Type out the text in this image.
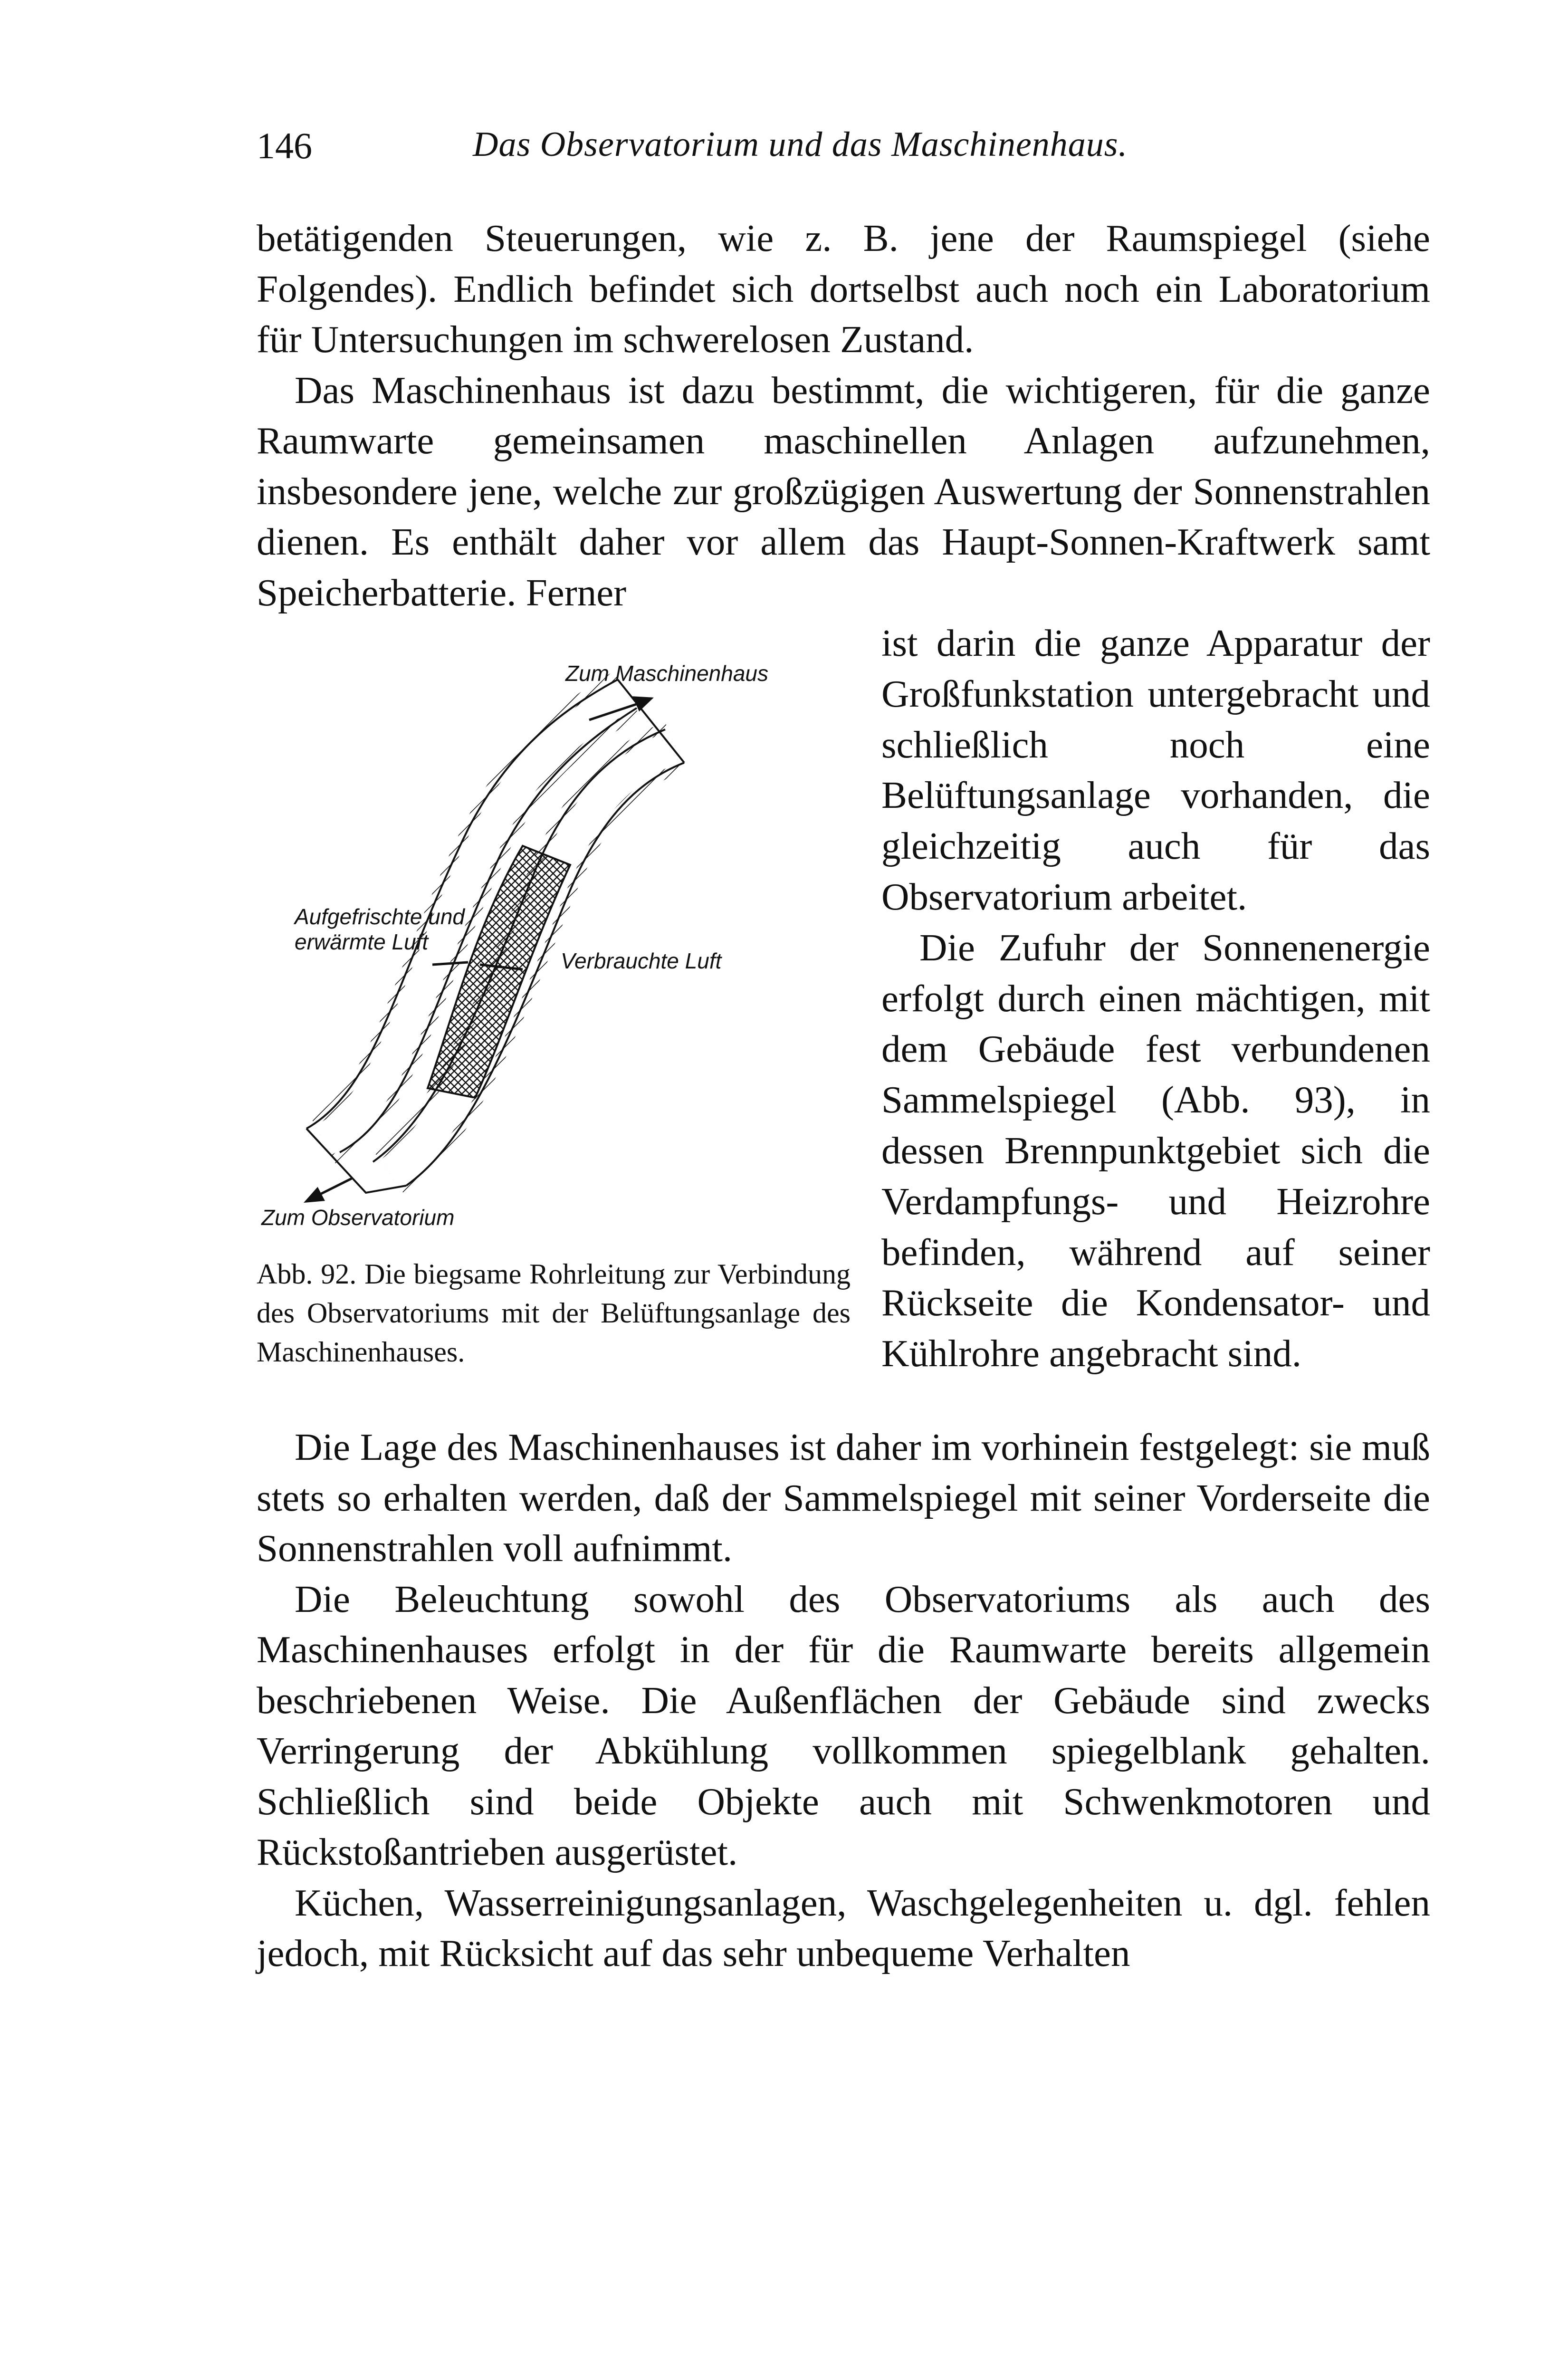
146	Das Observatorium und das Maschinenhaus.

betätigenden Steuerungen, wie z. B. jene der Raumspiegel (siehe Folgendes). Endlich befindet sich dortselbst auch noch ein Laboratorium für Untersuchungen im schwerelosen Zustand.

Das Maschinenhaus ist dazu bestimmt, die wichtigeren, für die ganze Raumwarte gemeinsamen maschinellen Anlagen aufzunehmen, insbesondere jene, welche zur großzügigen Auswertung der Sonnenstrahlen dienen. Es enthält daher vor allem das Haupt-Sonnen-Kraftwerk samt Speicherbatterie. Ferner

ist darin die ganze Apparatur der Großfunkstation untergebracht und schließlich noch eine Belüftungsanlage vorhanden, die gleichzeitig auch für das Observatorium arbeitet.

Die Zufuhr der Sonnenenergie erfolgt durch einen mächtigen, mit dem Gebäude fest verbundenen Sammelspiegel (Abb. 93), in dessen Brennpunktgebiet sich die Verdampfungs- und Heizrohre befinden, während auf seiner Rückseite die Kondensator- und Kühlrohre angebracht sind.

Zum Maschinenhaus
Aufgefrischte und
erwärmte Luft
Verbrauchte Luft
Zum Observatorium
Abb. 92. Die biegsame Rohrleitung zur Verbindung des Observatoriums mit der Belüftungsanlage des Maschinenhauses.

Die Lage des Maschinenhauses ist daher im vorhinein festgelegt: sie muß stets so erhalten werden, daß der Sammelspiegel mit seiner Vorderseite die Sonnenstrahlen voll aufnimmt.

Die Beleuchtung sowohl des Observatoriums als auch des Maschinenhauses erfolgt in der für die Raumwarte bereits allgemein beschriebenen Weise. Die Außenflächen der Gebäude sind zwecks Verringerung der Abkühlung vollkommen spiegelblank gehalten. Schließlich sind beide Objekte auch mit Schwenkmotoren und Rückstoßantrieben ausgerüstet.

Küchen, Wasserreinigungsanlagen, Waschgelegenheiten u. dgl. fehlen jedoch, mit Rücksicht auf das sehr unbequeme Verhalten
